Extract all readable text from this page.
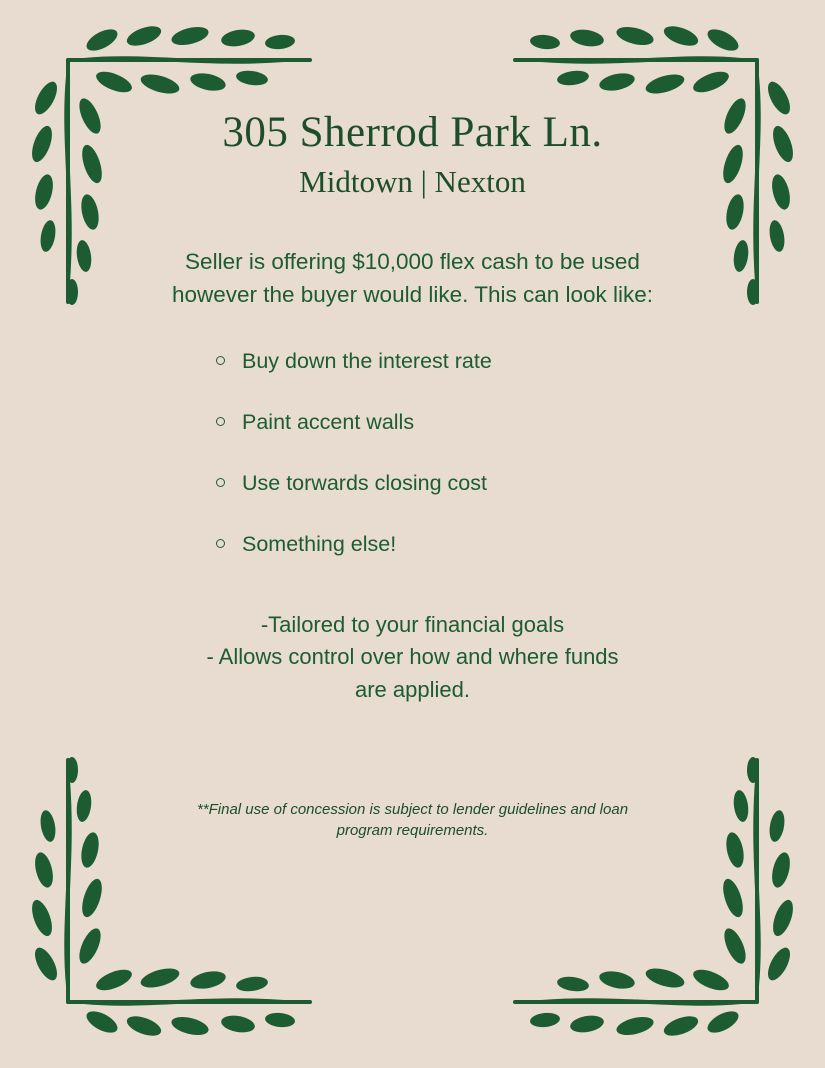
305 Sherrod Park Ln.
Midtown | Nexton

Seller is offering $10,000 flex cash to be used however the buyer would like. This can look like:

Buy down the interest rate
Paint accent walls
Use torwards closing cost
Something else!
-Tailored to your financial goals
- Allows control over how and where funds
are applied.
**Final use of concession is subject to lender guidelines and loan program requirements.
